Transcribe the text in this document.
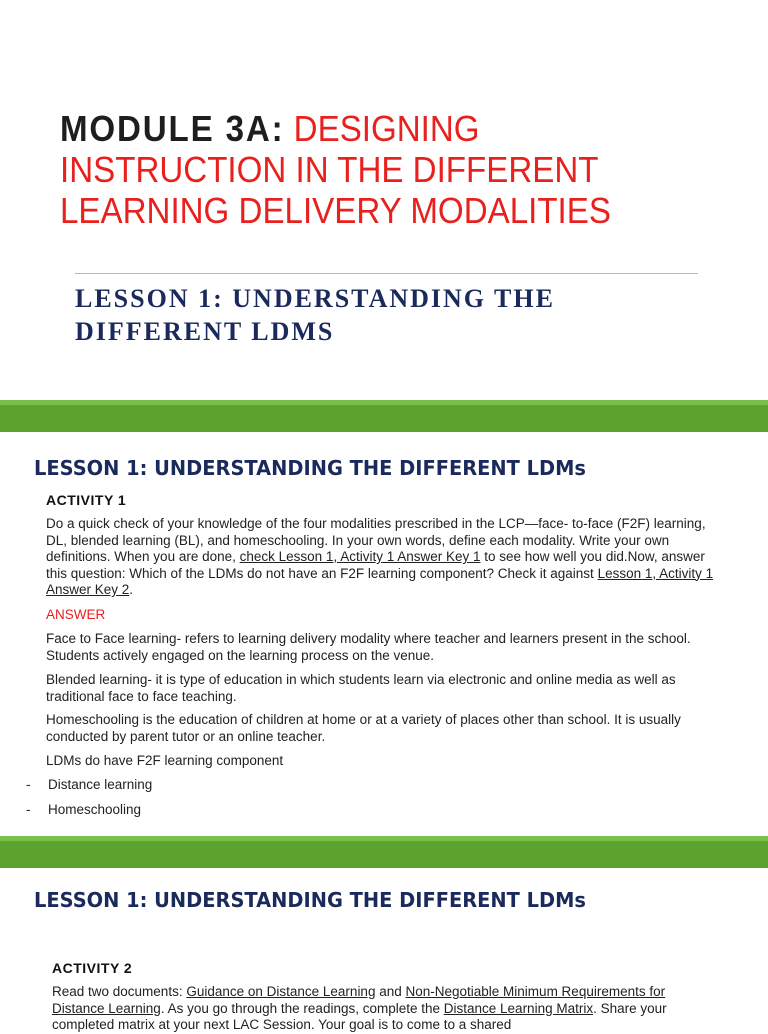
MODULE 3A: DESIGNING
INSTRUCTION IN THE DIFFERENT
LEARNING DELIVERY MODALITIES
LESSON 1: UNDERSTANDING THE
DIFFERENT LDMS
LESSON 1: UNDERSTANDING THE DIFFERENT LDMs

ACTIVITY 1

Do a quick check of your knowledge of the four modalities prescribed in the LCP—face- to-face (F2F) learning, DL, blended learning (BL), and homeschooling. In your own words, define each modality. Write your own definitions. When you are done, check Lesson 1, Activity 1 Answer Key 1 to see how well you did.Now, answer this question: Which of the LDMs do not have an F2F learning component? Check it against Lesson 1, Activity 1 Answer Key 2.

ANSWER

Face to Face learning- refers to learning delivery modality where teacher and learners present in the school. Students actively engaged on the learning process on the venue.

Blended learning- it is type of education in which students learn via electronic and online media as well as traditional face to face teaching.

Homeschooling is the education of children at home or at a variety of places other than school. It is usually conducted by parent tutor or an online teacher.

LDMs do have F2F learning component

- Distance learning

- Homeschooling

LESSON 1: UNDERSTANDING THE DIFFERENT LDMs

ACTIVITY 2

Read two documents: Guidance on Distance Learning and Non-Negotiable Minimum Requirements for Distance Learning. As you go through the readings, complete the Distance Learning Matrix. Share your completed matrix at your next LAC Session. Your goal is to come to a shared
